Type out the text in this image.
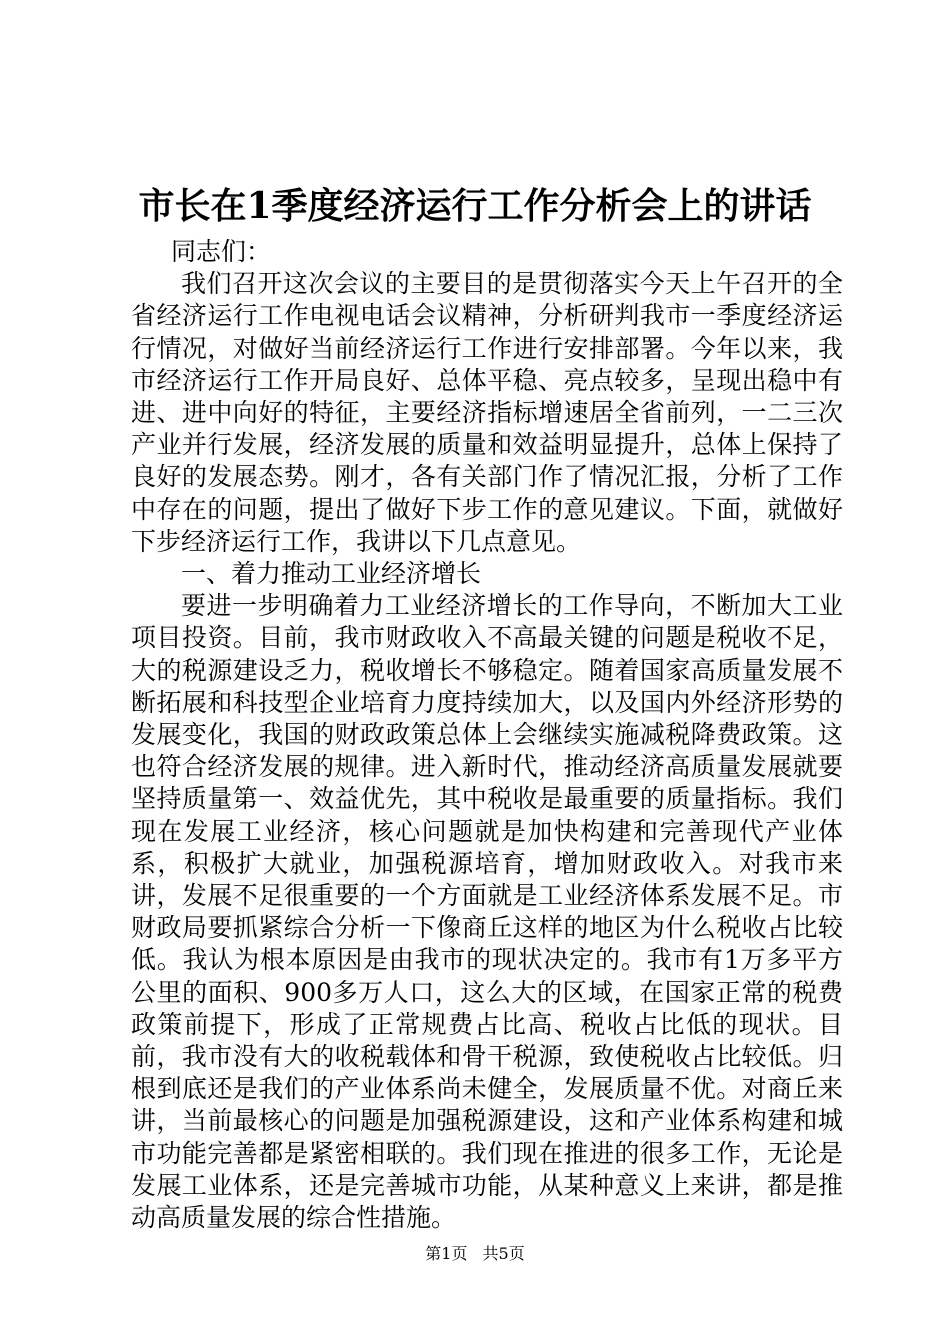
市长在1季度经济运行工作分析会上的讲话

同志们：

我们召开这次会议的主要目的是贯彻落实今天上午召开的全省经济运行工作电视电话会议精神，分析研判我市一季度经济运行情况，对做好当前经济运行工作进行安排部署。今年以来，我市经济运行工作开局良好、总体平稳、亮点较多，呈现出稳中有进、进中向好的特征，主要经济指标增速居全省前列，一二三次产业并行发展，经济发展的质量和效益明显提升，总体上保持了良好的发展态势。刚才，各有关部门作了情况汇报，分析了工作中存在的问题，提出了做好下步工作的意见建议。下面，就做好下步经济运行工作，我讲以下几点意见。

一、着力推动工业经济增长

要进一步明确着力工业经济增长的工作导向，不断加大工业项目投资。目前，我市财政收入不高最关键的问题是税收不足，大的税源建设乏力，税收增长不够稳定。随着国家高质量发展不断拓展和科技型企业培育力度持续加大，以及国内外经济形势的发展变化，我国的财政政策总体上会继续实施减税降费政策。这也符合经济发展的规律。进入新时代，推动经济高质量发展就要坚持质量第一、效益优先，其中税收是最重要的质量指标。我们现在发展工业经济，核心问题就是加快构建和完善现代产业体系，积极扩大就业，加强税源培育，增加财政收入。对我市来讲，发展不足很重要的一个方面就是工业经济体系发展不足。市财政局要抓紧综合分析一下像商丘这样的地区为什么税收占比较低。我认为根本原因是由我市的现状决定的。我市有1万多平方公里的面积、900多万人口，这么大的区域，在国家正常的税费政策前提下，形成了正常规费占比高、税收占比低的现状。目前，我市没有大的收税载体和骨干税源，致使税收占比较低。归根到底还是我们的产业体系尚未健全，发展质量不优。对商丘来讲，当前最核心的问题是加强税源建设，这和产业体系构建和城市功能完善都是紧密相联的。我们现在推进的很多工作，无论是发展工业体系，还是完善城市功能，从某种意义上来讲，都是推动高质量发展的综合性措施。

第1页 共5页
